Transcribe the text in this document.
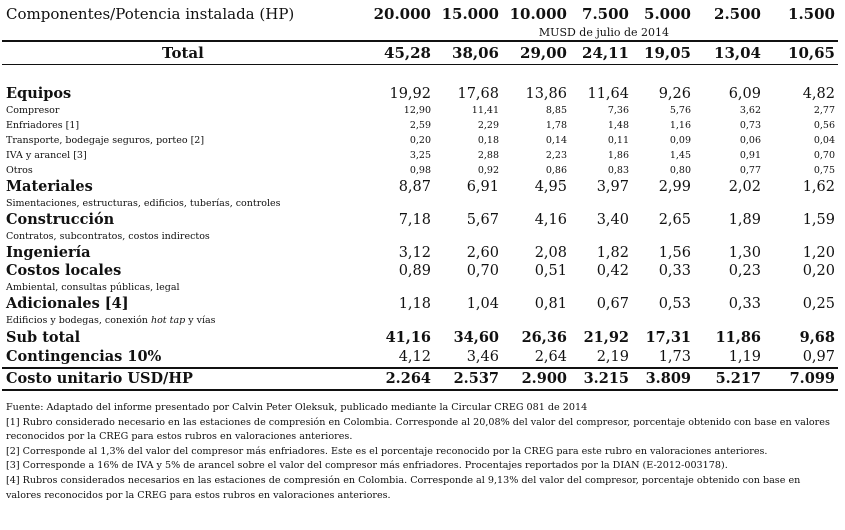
Componentes/Potencia instalada (HP)	20.000	15.000	10.000	7.500	5.000	2.500	1.500
	MUSD de julio de 2014						
Total	45,28	38,06	29,00	24,11	19,05	13,04	10,65

Equipos	19,92	17,68	13,86	11,64	9,26	6,09	4,82
Compresor	12,90	11,41	8,85	7,36	5,76	3,62	2,77
Enfriadores [1]	2,59	2,29	1,78	1,48	1,16	0,73	0,56
Transporte, bodegaje seguros, porteo [2]	0,20	0,18	0,14	0,11	0,09	0,06	0,04
IVA y arancel [3]	3,25	2,88	2,23	1,86	1,45	0,91	0,70
Otros	0,98	0,92	0,86	0,83	0,80	0,77	0,75
Materiales	8,87	6,91	4,95	3,97	2,99	2,02	1,62
Simentaciones, estructuras, edificios, tuberías, controles							
Construcción	7,18	5,67	4,16	3,40	2,65	1,89	1,59
Contratos, subcontratos, costos indirectos							
Ingeniería	3,12	2,60	2,08	1,82	1,56	1,30	1,20
Costos locales	0,89	0,70	0,51	0,42	0,33	0,23	0,20
Ambiental, consultas públicas, legal							
Adicionales [4]	1,18	1,04	0,81	0,67	0,53	0,33	0,25
Edificios y bodegas, conexión hot tap y vías							
Sub total	41,16	34,60	26,36	21,92	17,31	11,86	9,68
Contingencias 10%	4,12	3,46	2,64	2,19	1,73	1,19	0,97
Costo unitario USD/HP	2.264	2.537	2.900	3.215	3.809	5.217	7.099
Fuente: Adaptado del informe presentado por Calvin Peter Oleksuk, publicado mediante la Circular CREG 081 de 2014
[1] Rubro considerado necesario en las estaciones de compresión en Colombia. Corresponde al 20,08% del valor del compresor, porcentaje obtenido con base en valores reconocidos por la CREG para estos rubros en valoraciones anteriores.
[2] Corresponde al 1,3% del valor del compresor más enfriadores. Este es el porcentaje reconocido por la CREG para este rubro en valoraciones anteriores.
[3] Corresponde a 16% de IVA y 5% de arancel sobre el valor del compresor más enfriadores. Procentajes reportados por la DIAN (E-2012-003178).
[4] Rubros considerados necesarios en las estaciones de compresión en Colombia. Corresponde al 9,13% del valor del compresor, porcentaje obtenido con base en valores reconocidos por la CREG para estos rubros en valoraciones anteriores.
